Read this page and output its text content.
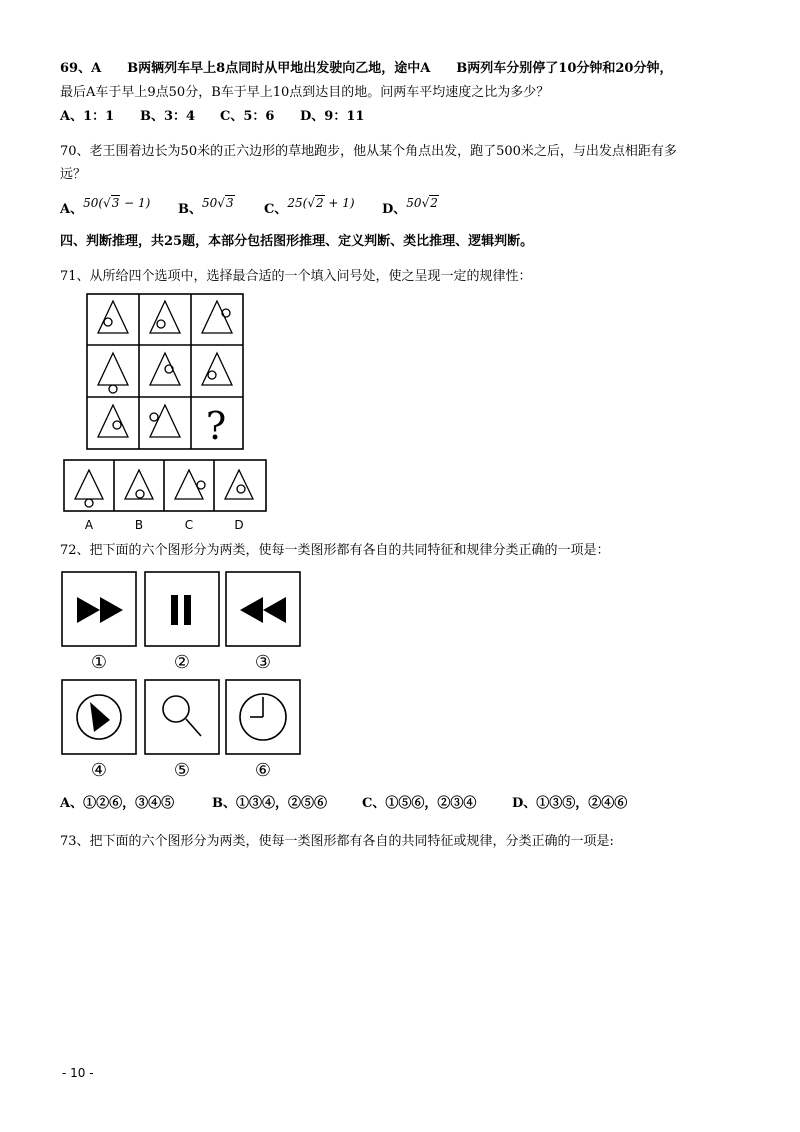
69、A　　B两辆列车早上8点同时从甲地出发驶向乙地，途中A　　B两列车分别停了10分钟和20分钟，
最后A车于早上9点50分，B车于早上10点到达目的地。问两车平均速度之比为多少？
A、1：1 B、3：4 C、5：6 D、9：11
70、老王围着边长为50米的正六边形的草地跑步，他从某个角点出发，跑了500米之后，与出发点相距有多
远？
A、50(√3 − 1) B、50√3 C、25(√2 + 1) D、50√2
四、判断推理，共25题，本部分包括图形推理、定义判断、类比推理、逻辑判断。
71、从所给四个选项中，选择最合适的一个填入问号处，使之呈现一定的规律性：
?
A	B	C	D
72、把下面的六个图形分为两类，使每一类图形都有各自的共同特征和规律分类正确的一项是：
①	②	③
④	⑤	⑥
A、①②⑥，③④⑤	B、①③④，②⑤⑥	C、①⑤⑥，②③④	D、①③⑤，②④⑥
73、把下面的六个图形分为两类，使每一类图形都有各自的共同特征或规律，分类正确的一项是:
- 10 -
